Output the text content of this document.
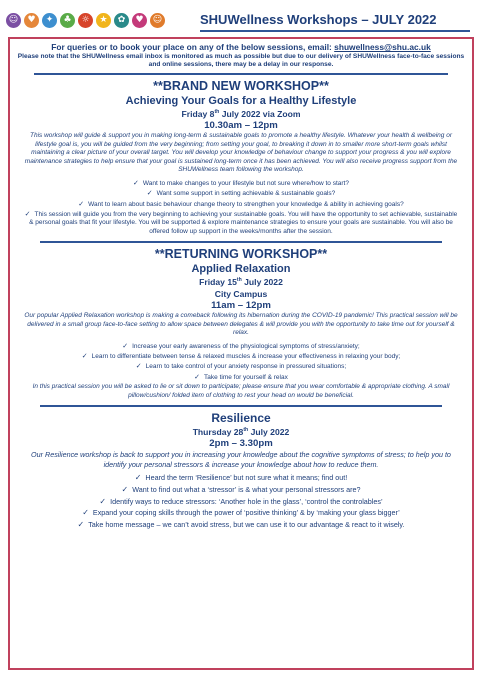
☺	♥	✦	♣	☼	★	✿	♥	☺	SHUWellness Workshops – JULY 2022
For queries or to book your place on any of the below sessions, email: shuwellness@shu.ac.uk
Please note that the SHUWellness email inbox is monitored as much as possible but due to our delivery of SHUWellness face-to-face sessions and online sessions, there may be a delay in our response.
**BRAND NEW WORKSHOP**
Achieving Your Goals for a Healthy Lifestyle
Friday 8th July 2022 via Zoom
10.30am – 12pm
This workshop will guide & support you in making long-term & sustainable goals to promote a healthy lifestyle. Whatever your health & wellbeing or lifestyle goal is, you will be guided from the very beginning; from setting your goal, to breaking it down in to smaller more short-term goals whilst maintaining a clear picture of your overall target. You will develop your knowledge of behaviour change to support your progress & you will explore maintenance strategies to help ensure that your goal is sustained long-term once it has been achieved. You will also receive progress support from the SHUWellness team following the workshop.
✓ Want to make changes to your lifestyle but not sure where/how to start?
✓ Want some support in setting achievable & sustainable goals?
✓ Want to learn about basic behaviour change theory to strengthen your knowledge & ability in achieving goals?
✓ This session will guide you from the very beginning to achieving your sustainable goals. You will have the opportunity to set achievable, sustainable & personal goals that fit your lifestyle. You will be supported & explore maintenance strategies to ensure your goals are sustainable. You will also be offered follow up support in the weeks/months after the session.
**RETURNING WORKSHOP**
Applied Relaxation
Friday 15th July 2022
City Campus
11am – 12pm
Our popular Applied Relaxation workshop is making a comeback following its hibernation during the COVID-19 pandemic! This practical session will be delivered in a small group face-to-face setting to allow space between delegates & will provide you with the opportunity to take time out for yourself & relax.
✓ Increase your early awareness of the physiological symptoms of stress/anxiety;
✓ Learn to differentiate between tense & relaxed muscles & increase your effectiveness in relaxing your body;
✓ Learn to take control of your anxiety response in pressured situations;
✓ Take time for yourself & relax
In this practical session you will be asked to lie or sit down to participate; please ensure that you wear comfortable & appropriate clothing. A small pillow/cushion/ folded item of clothing to rest your head on would be beneficial.
Resilience
Thursday 28th July 2022
2pm – 3.30pm
Our Resilience workshop is back to support you in increasing your knowledge about the cognitive symptoms of stress; to help you to identify your personal stressors & increase your knowledge about how to reduce them.
✓ Heard the term ‘Resilience’ but not sure what it means; find out!
✓ Want to find out what a ‘stressor’ is & what your personal stressors are?
✓ Identify ways to reduce stressors: ‘Another hole in the glass’, ‘control the controlables’
✓ Expand your coping skills through the power of ‘positive thinking’ & by ‘making your glass bigger’
✓ Take home message – we can’t avoid stress, but we can use it to our advantage & react to it wisely.
